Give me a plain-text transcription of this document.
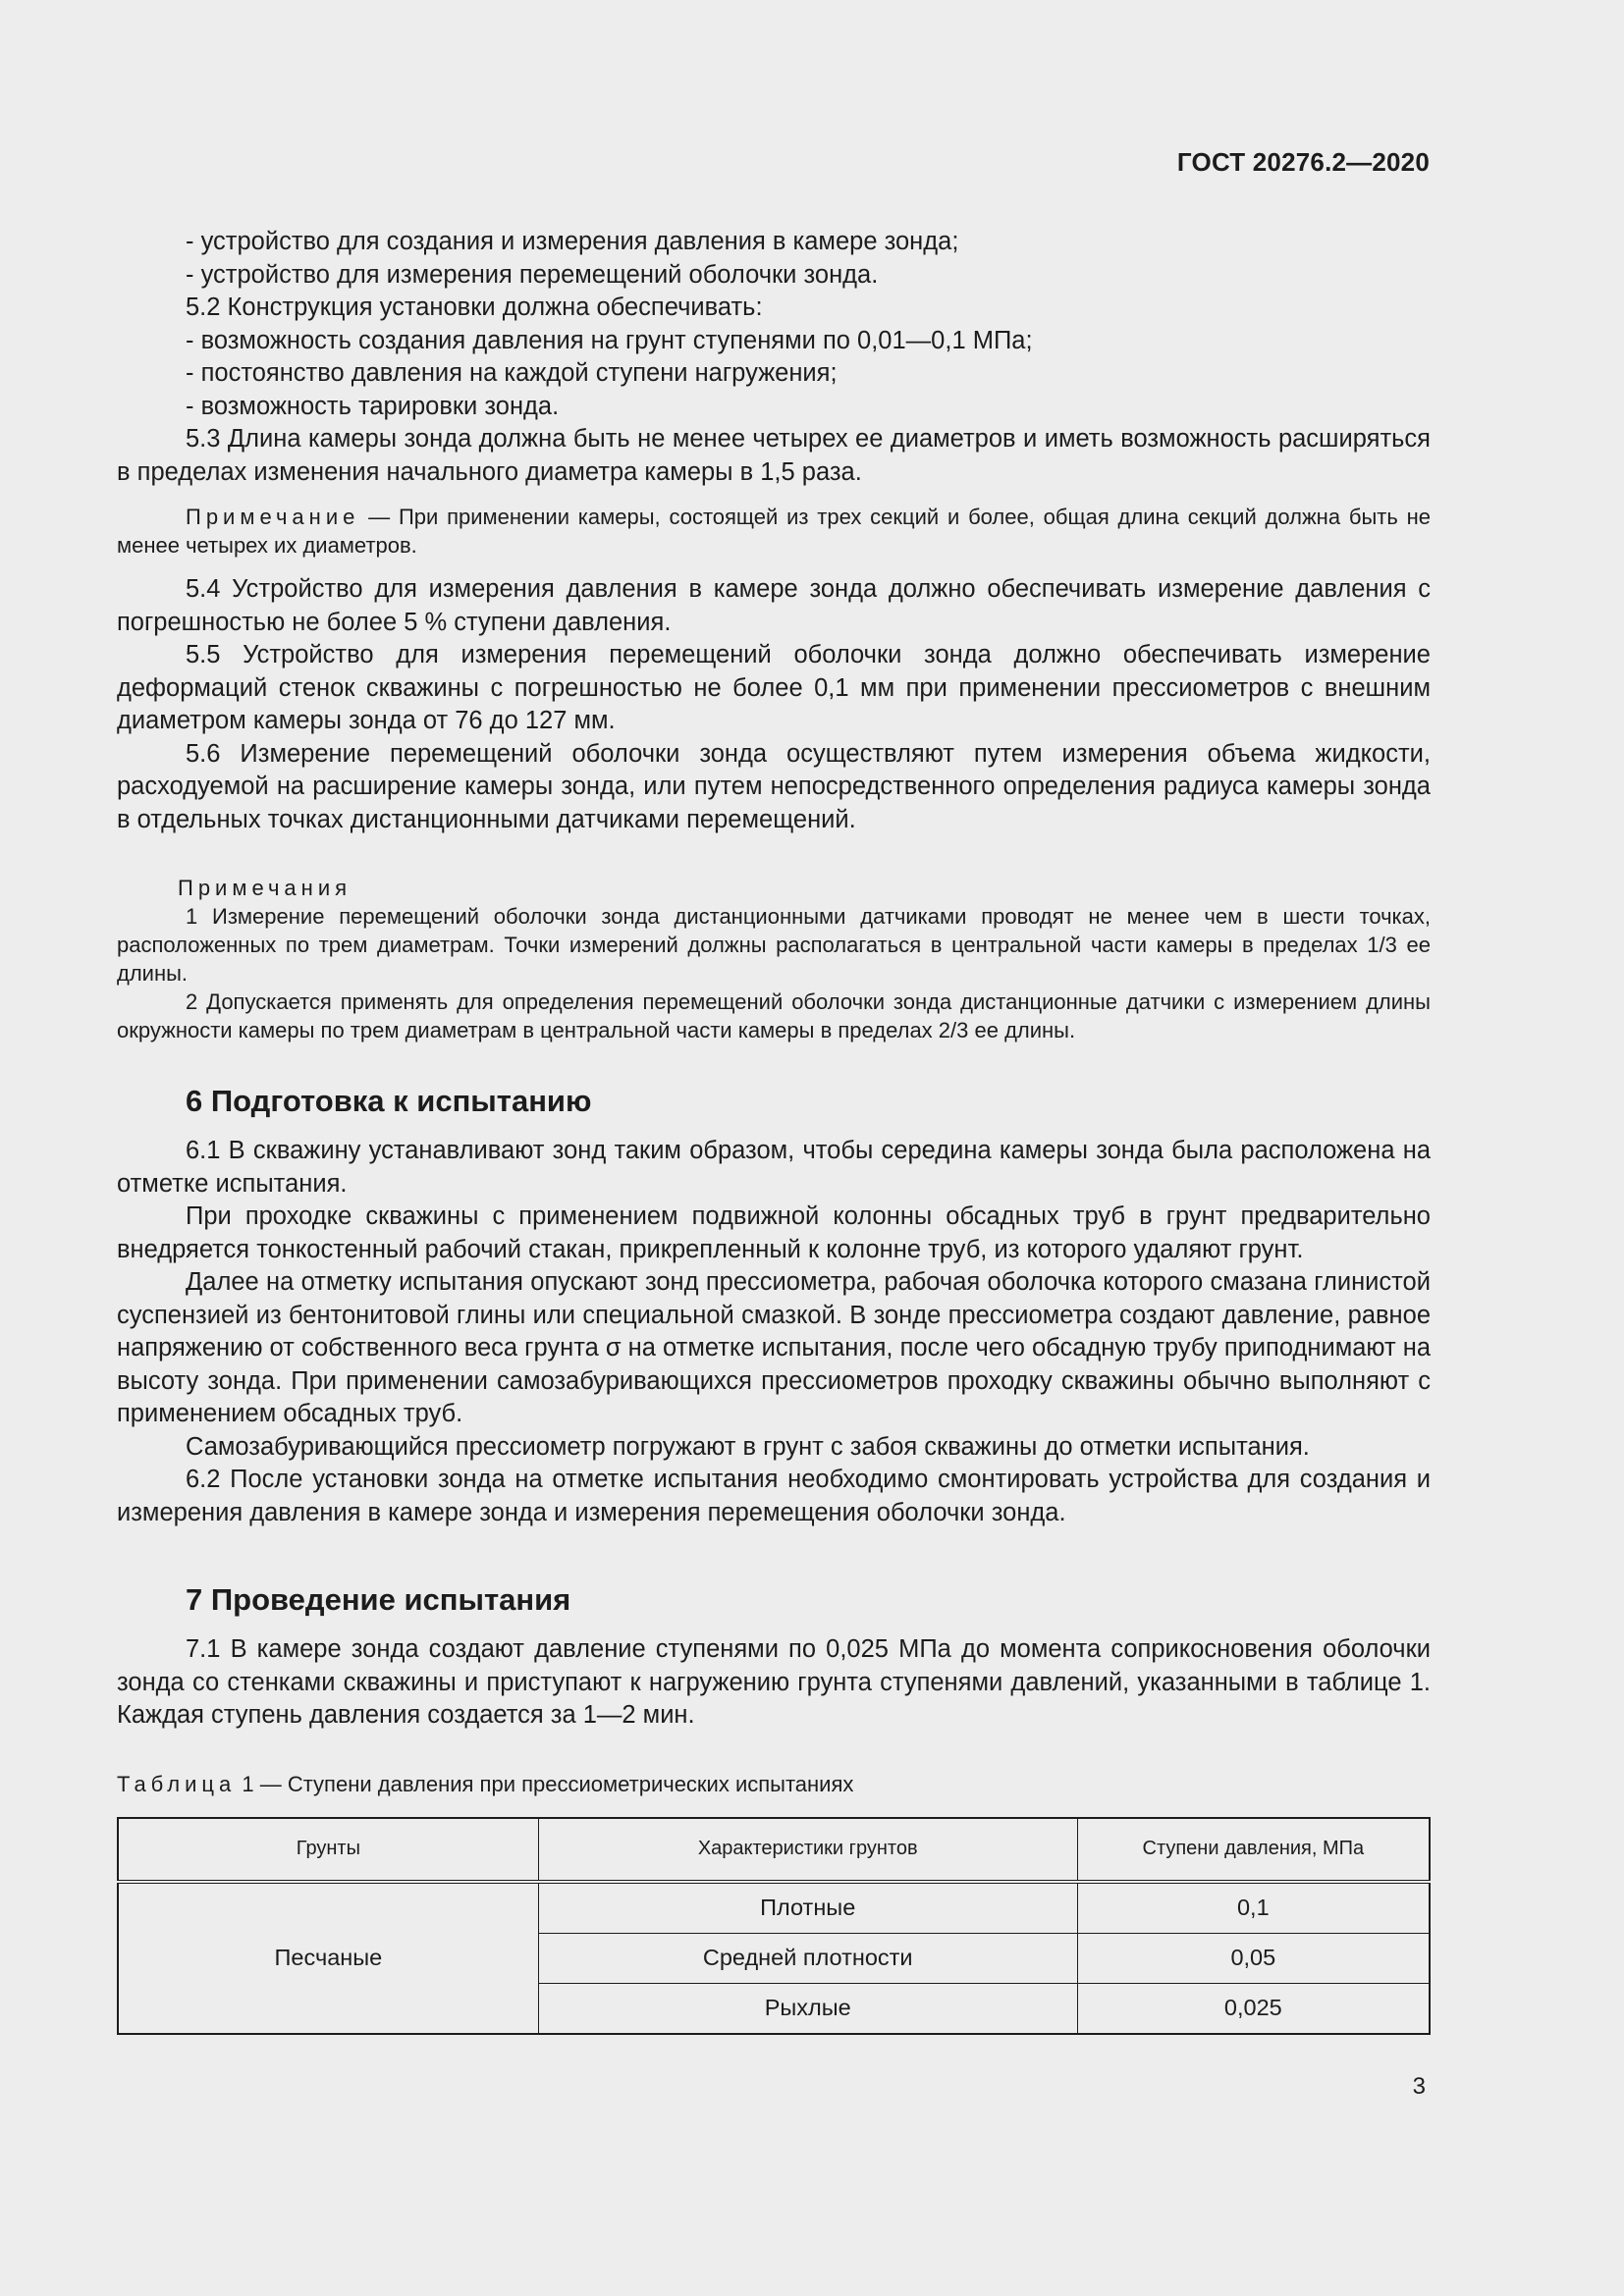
ГОСТ 20276.2—2020

- устройство для создания и измерения давления в камере зонда;

- устройство для измерения перемещений оболочки зонда.

5.2 Конструкция установки должна обеспечивать:

- возможность создания давления на грунт ступенями по 0,01—0,1 МПа;

- постоянство давления на каждой ступени нагружения;

- возможность тарировки зонда.

5.3 Длина камеры зонда должна быть не менее четырех ее диаметров и иметь возможность расширяться в пределах изменения начального диаметра камеры в 1,5 раза.

Примечание — При применении камеры, состоящей из трех секций и более, общая длина секций должна быть не менее четырех их диаметров.

5.4 Устройство для измерения давления в камере зонда должно обеспечивать измерение давления с погрешностью не более 5 % ступени давления.

5.5 Устройство для измерения перемещений оболочки зонда должно обеспечивать измерение деформаций стенок скважины с погрешностью не более 0,1 мм при применении прессиометров с внешним диаметром камеры зонда от 76 до 127 мм.

5.6 Измерение перемещений оболочки зонда осуществляют путем измерения объема жидкости, расходуемой на расширение камеры зонда, или путем непосредственного определения радиуса камеры зонда в отдельных точках дистанционными датчиками перемещений.

Примечания

1 Измерение перемещений оболочки зонда дистанционными датчиками проводят не менее чем в шести точках, расположенных по трем диаметрам. Точки измерений должны располагаться в центральной части камеры в пределах 1/3 ее длины.

2 Допускается применять для определения перемещений оболочки зонда дистанционные датчики с измерением длины окружности камеры по трем диаметрам в центральной части камеры в пределах 2/3 ее длины.

6 Подготовка к испытанию

6.1 В скважину устанавливают зонд таким образом, чтобы середина камеры зонда была расположена на отметке испытания.

При проходке скважины с применением подвижной колонны обсадных труб в грунт предварительно внедряется тонкостенный рабочий стакан, прикрепленный к колонне труб, из которого удаляют грунт.

Далее на отметку испытания опускают зонд прессиометра, рабочая оболочка которого смазана глинистой суспензией из бентонитовой глины или специальной смазкой. В зонде прессиометра создают давление, равное напряжению от собственного веса грунта σ на отметке испытания, после чего обсадную трубу приподнимают на высоту зонда. При применении самозабуривающихся прессиометров проходку скважины обычно выполняют с применением обсадных труб.

Самозабуривающийся прессиометр погружают в грунт с забоя скважины до отметки испытания.

6.2 После установки зонда на отметке испытания необходимо смонтировать устройства для создания и измерения давления в камере зонда и измерения перемещения оболочки зонда.

7 Проведение испытания

7.1 В камере зонда создают давление ступенями по 0,025 МПа до момента соприкосновения оболочки зонда со стенками скважины и приступают к нагружению грунта ступенями давлений, указанными в таблице 1. Каждая ступень давления создается за 1—2 мин.

Таблица 1 — Ступени давления при прессиометрических испытаниях

Грунты	Характеристики грунтов	Ступени давления, МПа
Песчаные	Плотные	0,1
	Средней плотности	0,05
	Рыхлые	0,025
3
